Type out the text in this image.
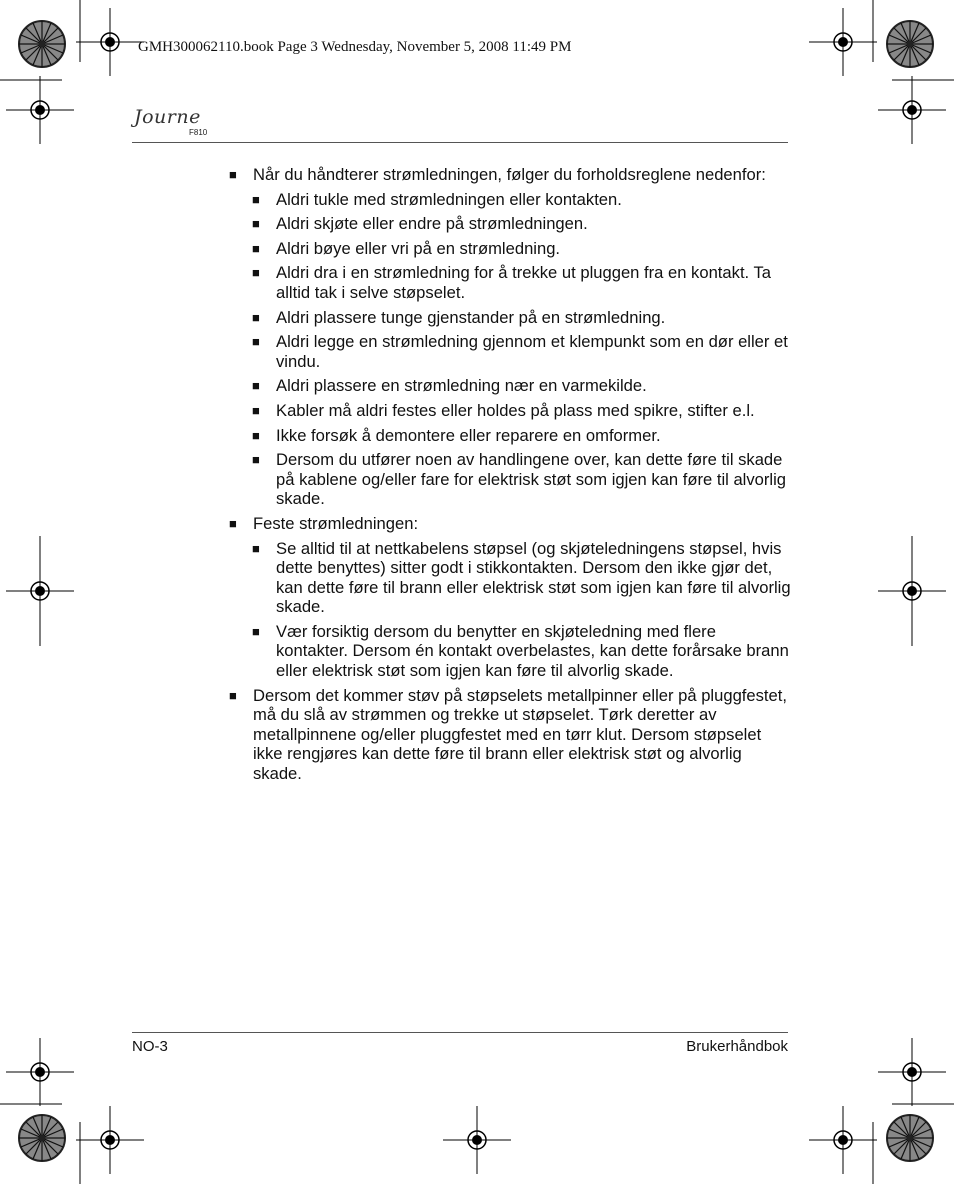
GMH300062110.book Page 3 Wednesday, November 5, 2008 11:49 PM
Journe
F810
■ Når du håndterer strømledningen, følger du forholdsreglene nedenfor:
■ Aldri tukle med strømledningen eller kontakten.
■ Aldri skjøte eller endre på strømledningen.
■ Aldri bøye eller vri på en strømledning.
■ Aldri dra i en strømledning for å trekke ut pluggen fra en kontakt. Ta alltid tak i selve støpselet.
■ Aldri plassere tunge gjenstander på en strømledning.
■ Aldri legge en strømledning gjennom et klempunkt som en dør eller et vindu.
■ Aldri plassere en strømledning nær en varmekilde.
■ Kabler må aldri festes eller holdes på plass med spikre, stifter e.l.
■ Ikke forsøk å demontere eller reparere en omformer.
■ Dersom du utfører noen av handlingene over, kan dette føre til skade på kablene og/eller fare for elektrisk støt som igjen kan føre til alvorlig skade.
■ Feste strømledningen:
■ Se alltid til at nettkabelens støpsel (og skjøteledningens støpsel, hvis dette benyttes) sitter godt i stikkontakten. Dersom den ikke gjør det, kan dette føre til brann eller elektrisk støt som igjen kan føre til alvorlig skade.
■ Vær forsiktig dersom du benytter en skjøteledning med flere kontakter. Dersom én kontakt overbelastes, kan dette forårsake brann eller elektrisk støt som igjen kan føre til alvorlig skade.
■ Dersom det kommer støv på støpselets metallpinner eller på pluggfestet, må du slå av strømmen og trekke ut støpselet. Tørk deretter av metallpinnene og/eller pluggfestet med en tørr klut. Dersom støpselet ikke rengjøres kan dette føre til brann eller elektrisk støt og alvorlig skade.
NO-3	Brukerhåndbok
